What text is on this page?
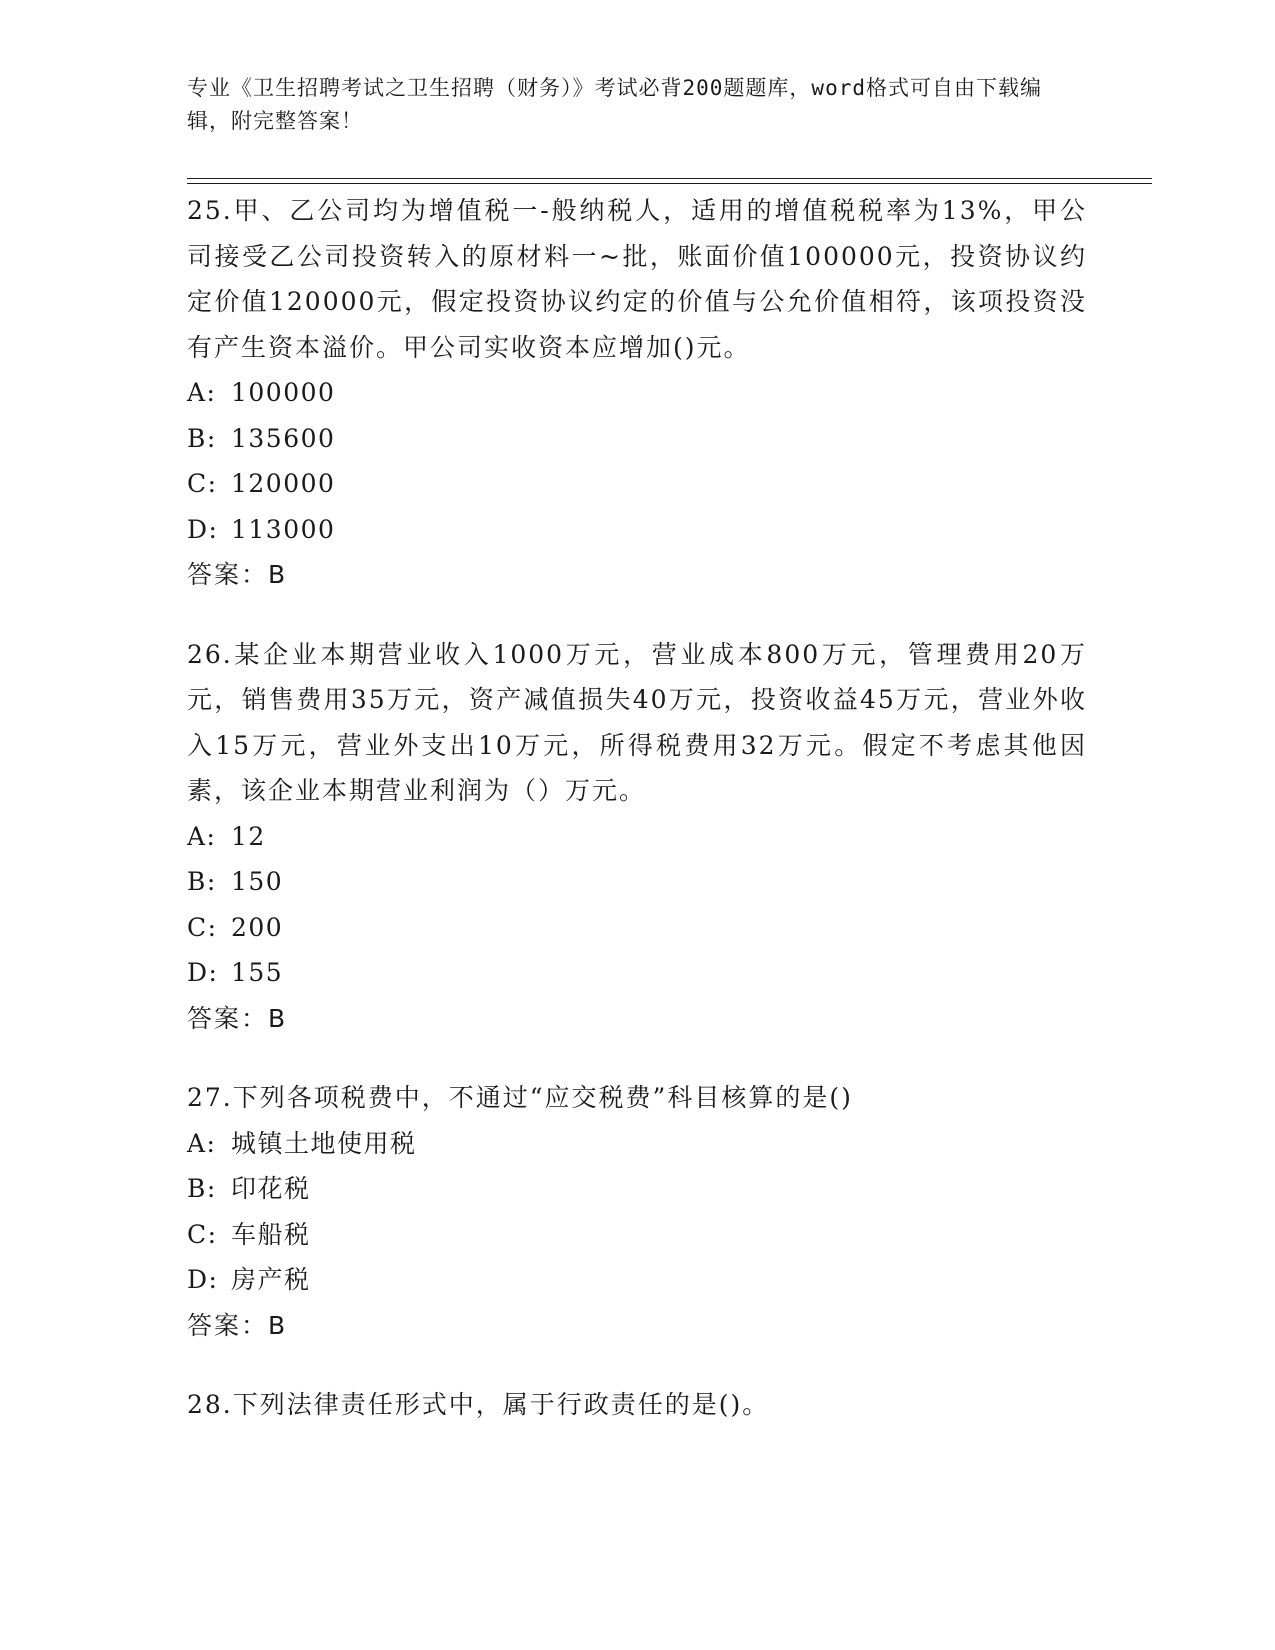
专业《卫生招聘考试之卫生招聘（财务）》考试必背200题题库，word格式可自由下载编辑，附完整答案！

25.甲、乙公司均为增值税一-般纳税人，适用的增值税税率为13%，甲公司接受乙公司投资转入的原材料一~批，账面价值100000元，投资协议约定价值120000元，假定投资协议约定的价值与公允价值相符，该项投资没有产生资本溢价。甲公司实收资本应增加()元。

A: 100000
B: 135600
C: 120000
D: 113000

答案：B

26.某企业本期营业收入1000万元，营业成本800万元，管理费用20万元，销售费用35万元，资产减值损失40万元，投资收益45万元，营业外收入15万元，营业外支出10万元，所得税费用32万元。假定不考虑其他因素，该企业本期营业利润为（）万元。

A: 12
B: 150
C: 200
D: 155

答案：B

27.下列各项税费中，不通过“应交税费”科目核算的是()

A: 城镇土地使用税
B: 印花税
C: 车船税
D: 房产税

答案：B

28.下列法律责任形式中，属于行政责任的是()。
